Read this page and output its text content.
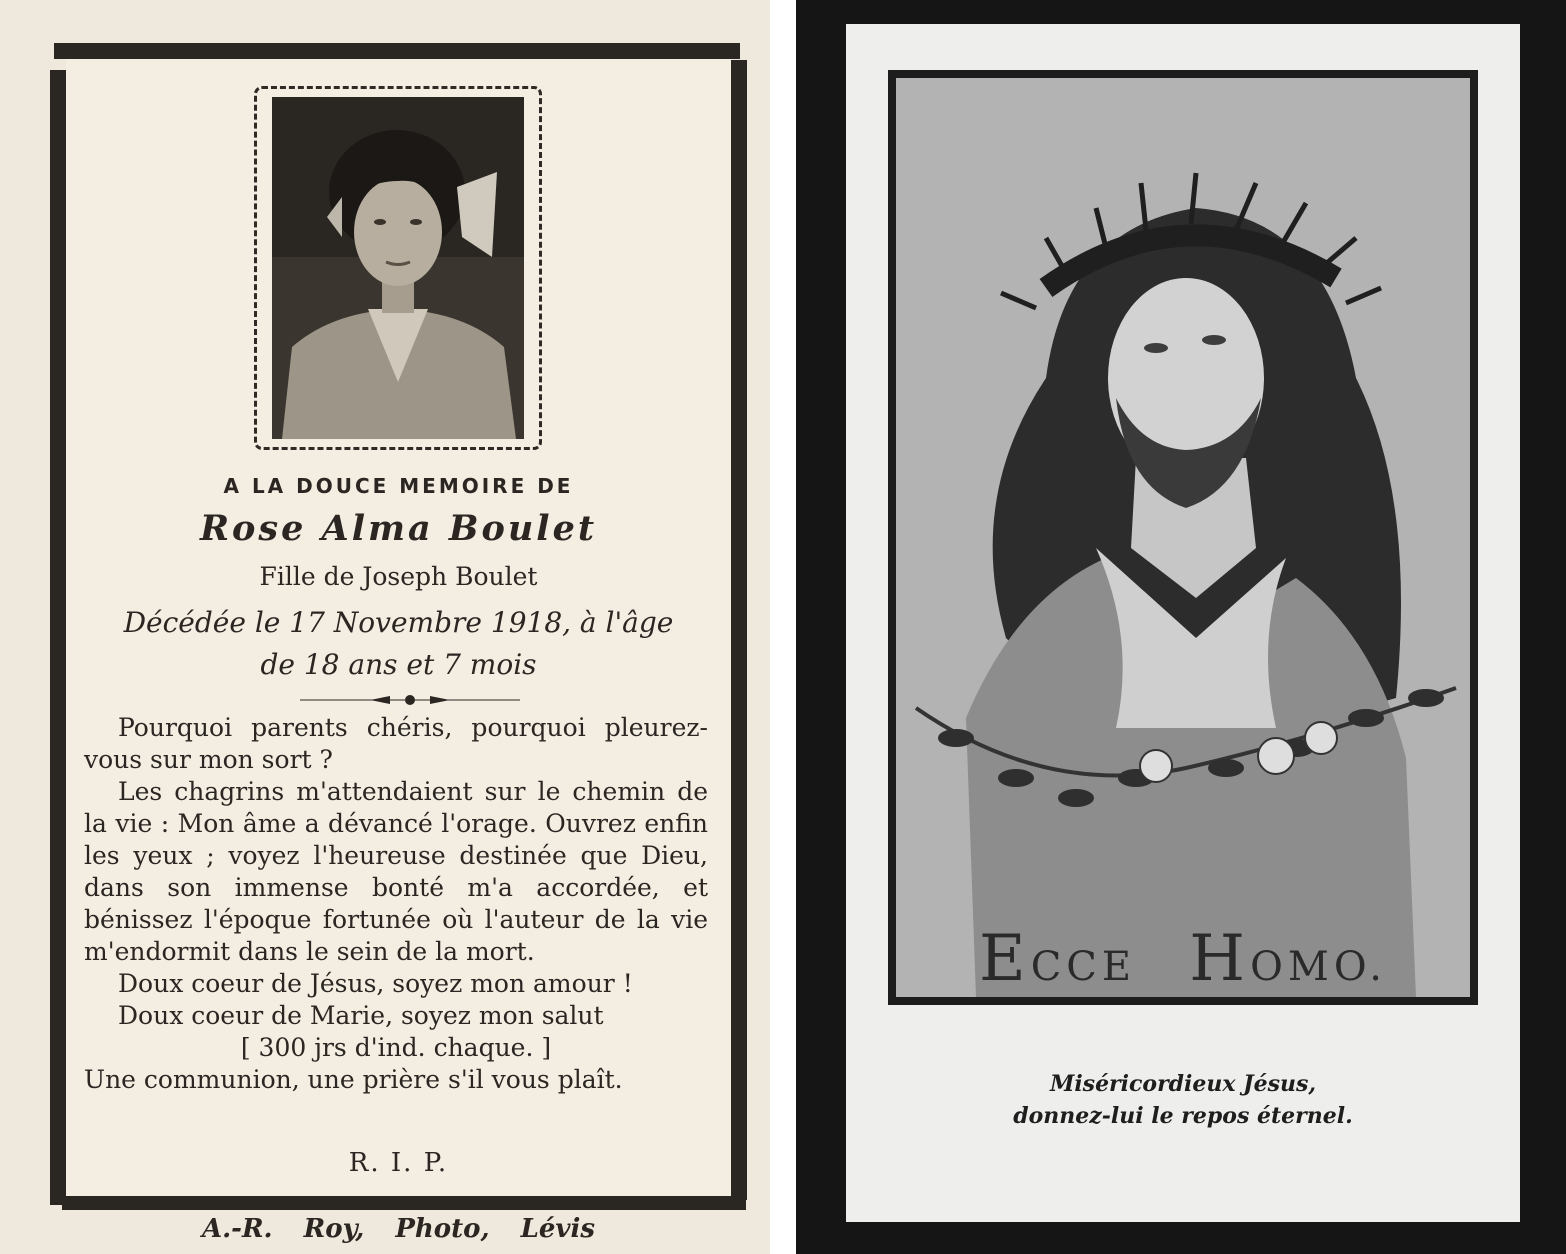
A LA DOUCE MEMOIRE DE
Rose Alma Boulet
Fille de Joseph Boulet
Décédée le 17 Novembre 1918, à l'âge
de 18 ans et 7 mois

Pourquoi parents chéris, pourquoi pleurez-vous sur mon sort ?

Les chagrins m'attendaient sur le chemin de la vie : Mon âme a dévancé l'orage. Ouvrez enfin les yeux ; voyez l'heureuse destinée que Dieu, dans son immense bonté m'a accordée, et bénissez l'époque fortunée où l'auteur de la vie m'endormit dans le sein de la mort.

Doux coeur de Jésus, soyez mon amour !

Doux coeur de Marie, soyez mon salut

[ 300 jrs d'ind. chaque. ]

Une communion, une prière s'il vous plaît.

R. I. P.
A.-R. Roy, Photo, Lévis
ECCE HOMO.
Miséricordieux Jésus,
donnez-lui le repos éternel.
